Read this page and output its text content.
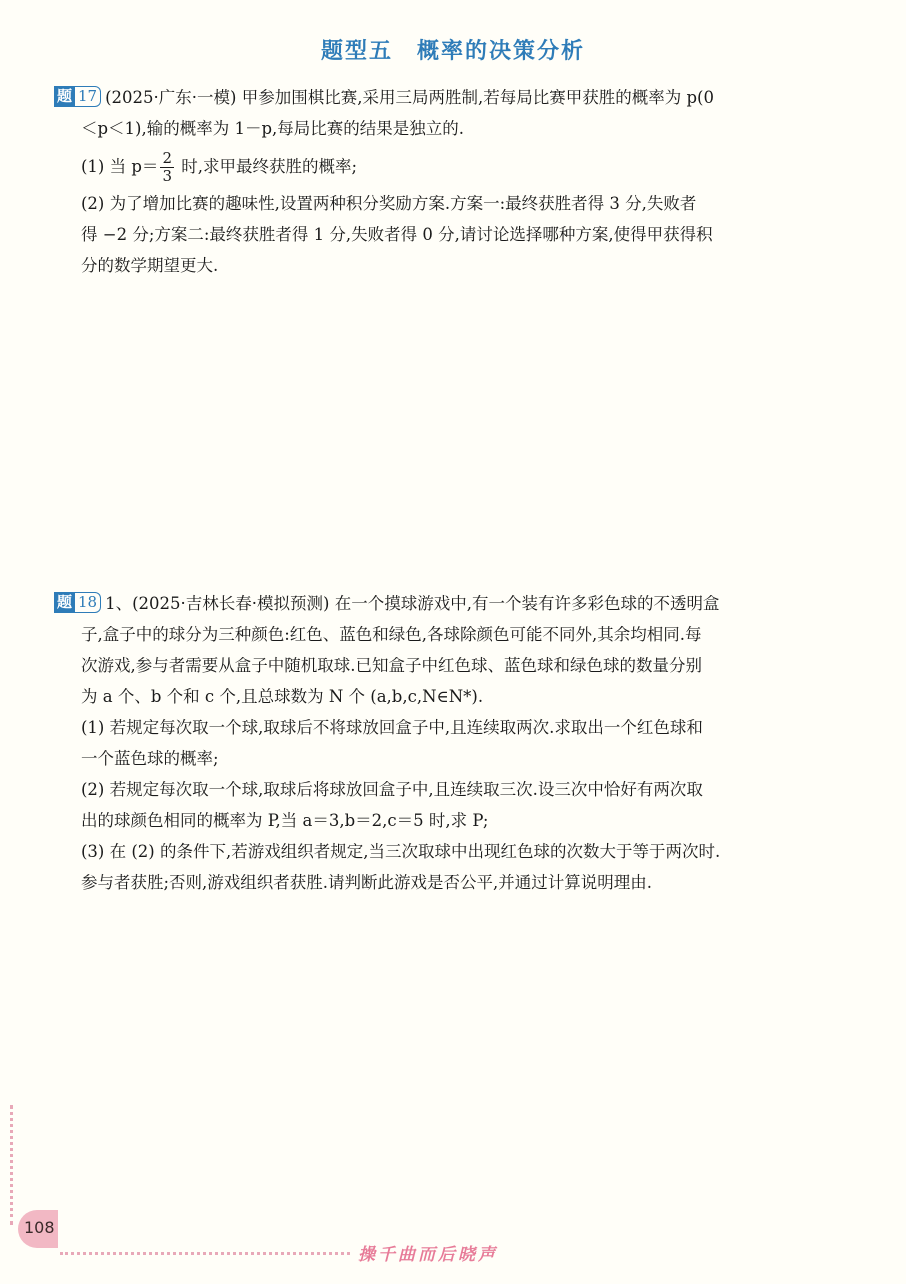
题型五　概率的决策分析

题 17 (2025·广东·一模) 甲参加围棋比赛,采用三局两胜制,若每局比赛甲获胜的概率为 p(0

＜p＜1),输的概率为 1－p,每局比赛的结果是独立的.

(1) 当 $p= \frac{2}{3}$ 时,求甲最终获胜的概率;

(2) 为了增加比赛的趣味性,设置两种积分奖励方案.方案一:最终获胜者得 3 分,失败者

得 −2 分;方案二:最终获胜者得 1 分,失败者得 0 分,请讨论选择哪种方案,使得甲获得积

分的数学期望更大.

题 18 1、(2025·吉林长春·模拟预测) 在一个摸球游戏中,有一个装有许多彩色球的不透明盒

子,盒子中的球分为三种颜色:红色、蓝色和绿色,各球除颜色可能不同外,其余均相同.每

次游戏,参与者需要从盒子中随机取球.已知盒子中红色球、蓝色球和绿色球的数量分别

为 a 个、b 个和 c 个,且总球数为 N 个 (a,b,c,N∈N*).

(1) 若规定每次取一个球,取球后不将球放回盒子中,且连续取两次.求取出一个红色球和

一个蓝色球的概率;

(2) 若规定每次取一个球,取球后将球放回盒子中,且连续取三次.设三次中恰好有两次取

出的球颜色相同的概率为 P,当 a＝3,b＝2,c＝5 时,求 P;

(3) 在 (2) 的条件下,若游戏组织者规定,当三次取球中出现红色球的次数大于等于两次时.

参与者获胜;否则,游戏组织者获胜.请判断此游戏是否公平,并通过计算说明理由.

108
操千曲而后晓声
